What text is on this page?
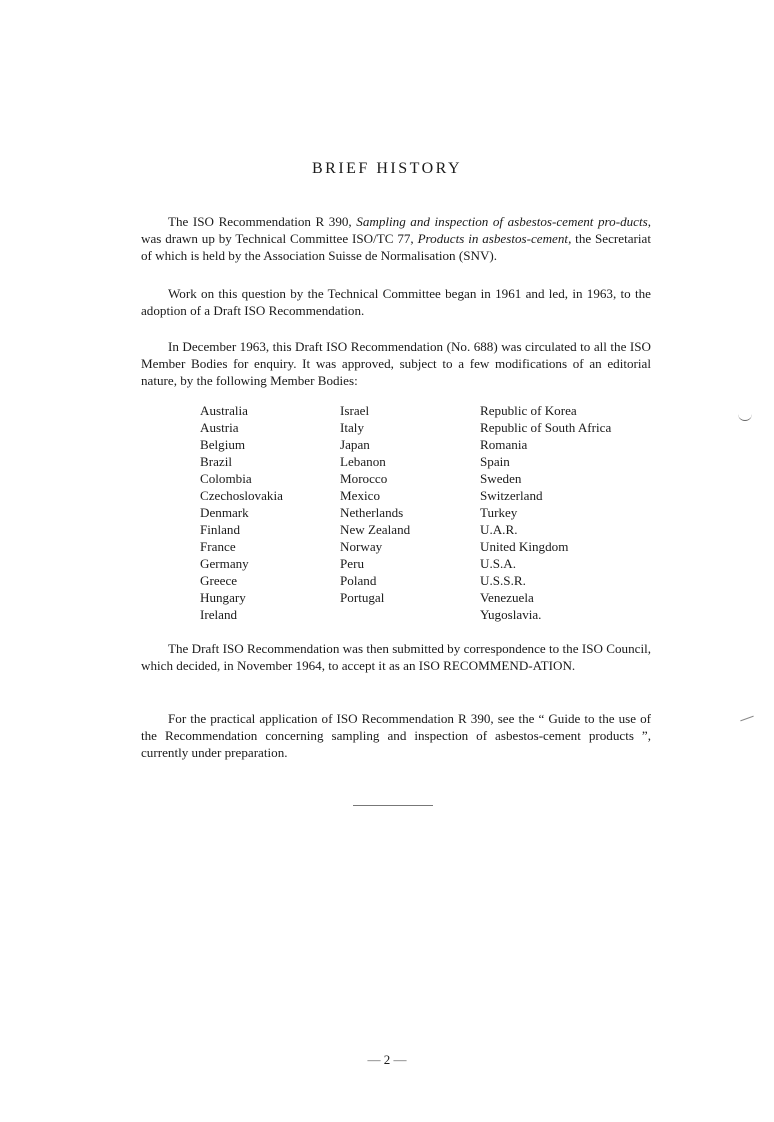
BRIEF HISTORY
The ISO Recommendation R 390, Sampling and inspection of asbestos-cement pro-ducts, was drawn up by Technical Committee ISO/TC 77, Products in asbestos-cement, the Secretariat of which is held by the Association Suisse de Normalisation (SNV).
Work on this question by the Technical Committee began in 1961 and led, in 1963, to the adoption of a Draft ISO Recommendation.
In December 1963, this Draft ISO Recommendation (No. 688) was circulated to all the ISO Member Bodies for enquiry. It was approved, subject to a few modifications of an editorial nature, by the following Member Bodies:
Australia
Austria
Belgium
Brazil
Colombia
Czechoslovakia
Denmark
Finland
France
Germany
Greece
Hungary
Ireland
Israel
Italy
Japan
Lebanon
Morocco
Mexico
Netherlands
New Zealand
Norway
Peru
Poland
Portugal
Republic of Korea
Republic of South Africa
Romania
Spain
Sweden
Switzerland
Turkey
U.A.R.
United Kingdom
U.S.A.
U.S.S.R.
Venezuela
Yugoslavia.
The Draft ISO Recommendation was then submitted by correspondence to the ISO Council, which decided, in November 1964, to accept it as an ISO RECOMMEND-ATION.
For the practical application of ISO Recommendation R 390, see the “ Guide to the use of the Recommendation concerning sampling and inspection of asbestos-cement products ”, currently under preparation.
— 2 —
